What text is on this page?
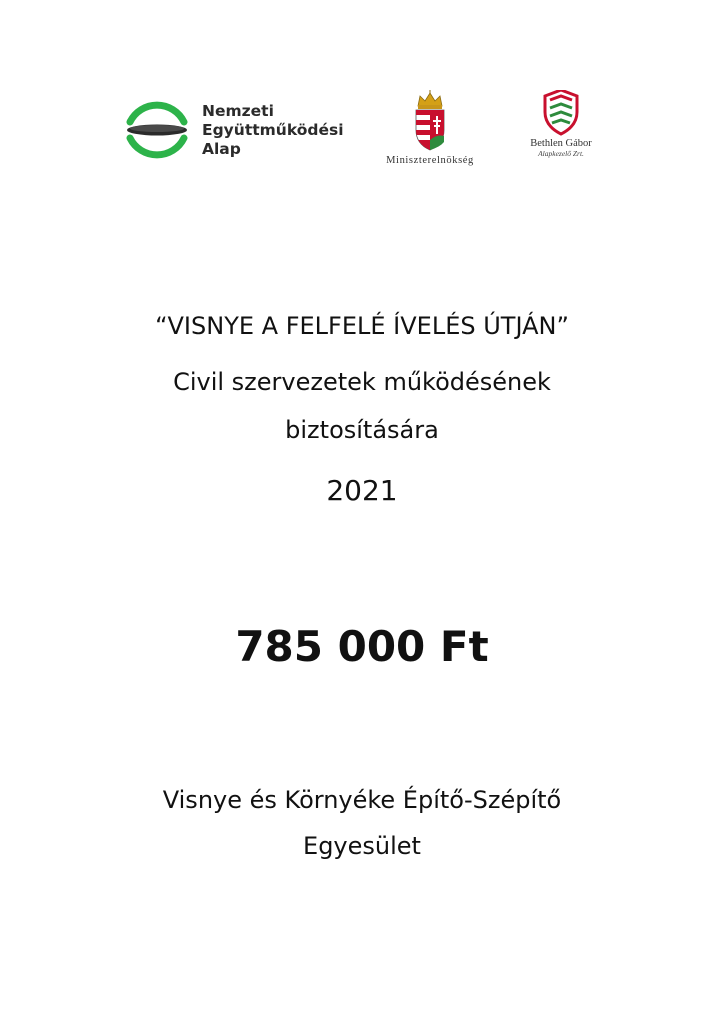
Nemzeti
Együttműködési
Alap
Miniszterelnökség
Bethlen Gábor
Alapkezelő Zrt.
“VISNYE A FELFELÉ ÍVELÉS ÚTJÁN”
Civil szervezetek működésének
biztosítására
2021
785 000 Ft
Visnye és Környéke Építő-Szépítő
Egyesület
